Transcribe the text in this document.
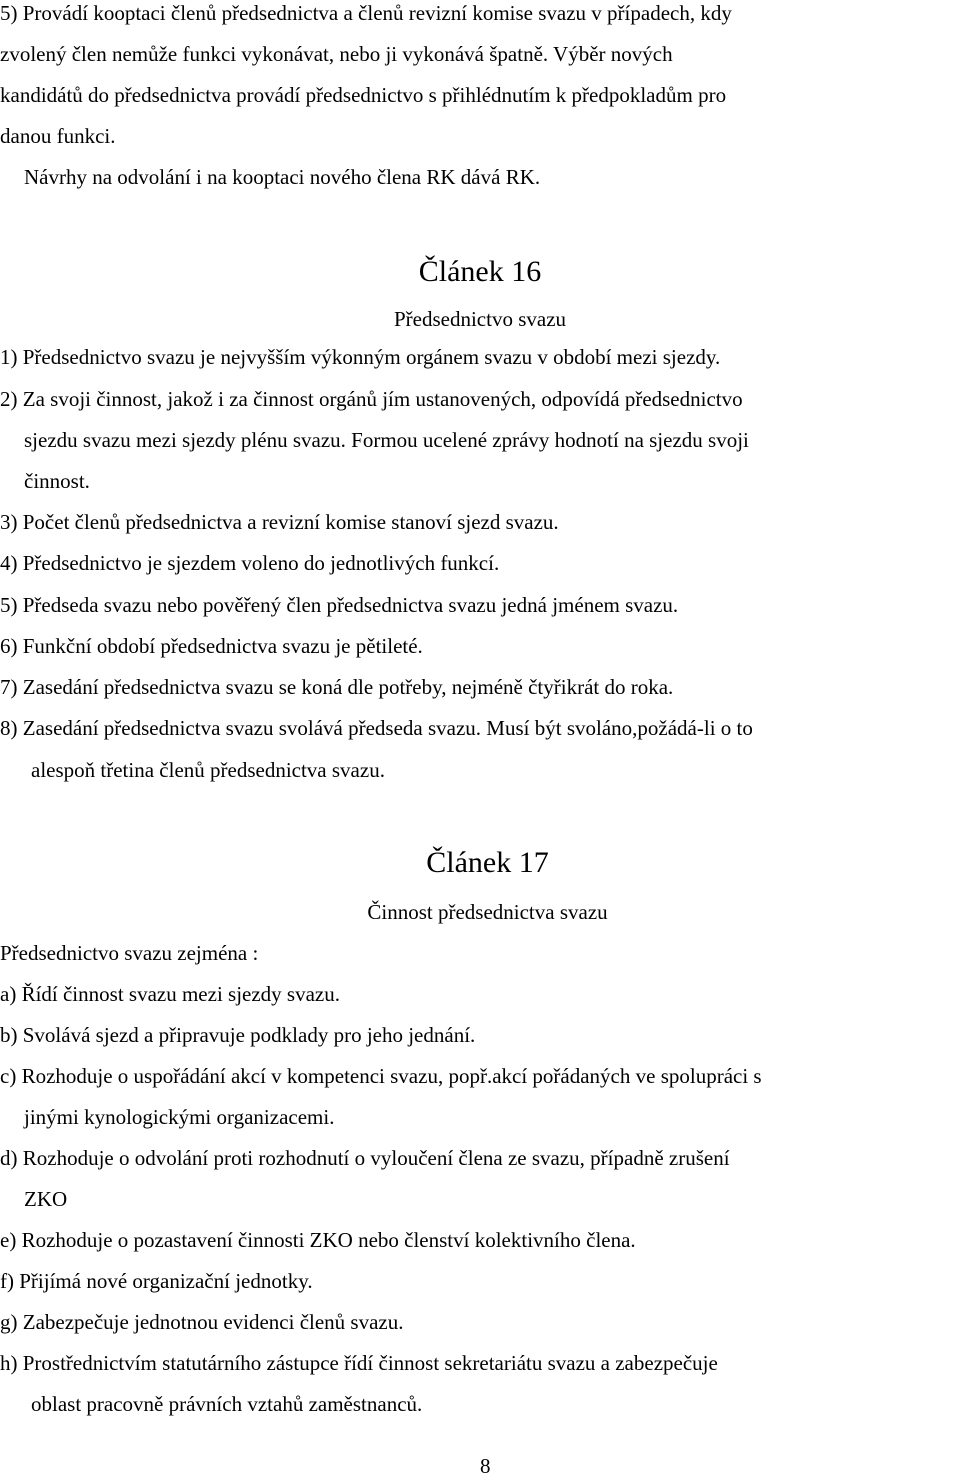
5) Provádí kooptaci členů předsednictva a členů revizní komise svazu v případech, kdy
zvolený člen nemůže funkci vykonávat, nebo ji vykonává špatně. Výběr nových
kandidátů do předsednictva provádí předsednictvo s přihlédnutím k předpokladům pro
danou funkci.
Návrhy na odvolání i na kooptaci nového člena RK dává RK.
Článek 16
Předsednictvo svazu
1) Předsednictvo svazu je nejvyšším výkonným orgánem svazu v období mezi sjezdy.
2) Za svoji činnost, jakož i za činnost orgánů jím ustanovených, odpovídá předsednictvo
sjezdu svazu mezi sjezdy plénu svazu. Formou ucelené zprávy hodnotí na sjezdu svoji
činnost.
3) Počet členů předsednictva a revizní komise stanoví sjezd svazu.
4) Předsednictvo je sjezdem voleno do jednotlivých funkcí.
5) Předseda svazu nebo pověřený člen předsednictva svazu jedná jménem svazu.
6) Funkční období předsednictva svazu je pětileté.
7) Zasedání předsednictva svazu se koná dle potřeby, nejméně čtyřikrát do roka.
8) Zasedání předsednictva svazu svolává předseda svazu. Musí být svoláno,požádá-li o to
alespoň třetina členů předsednictva svazu.
Článek 17
Činnost předsednictva svazu
Předsednictvo svazu zejména :
a) Řídí činnost svazu mezi sjezdy svazu.
b) Svolává sjezd a připravuje podklady pro jeho jednání.
c) Rozhoduje o uspořádání akcí v kompetenci svazu, popř.akcí pořádaných ve spolupráci s
jinými kynologickými organizacemi.
d) Rozhoduje o odvolání proti rozhodnutí o vyloučení člena ze svazu, případně zrušení
ZKO
e) Rozhoduje o pozastavení činnosti ZKO nebo členství kolektivního člena.
f) Přijímá nové organizační jednotky.
g) Zabezpečuje jednotnou evidenci členů svazu.
h) Prostřednictvím statutárního zástupce řídí činnost sekretariátu svazu a zabezpečuje
oblast pracovně právních vztahů zaměstnanců.
8
